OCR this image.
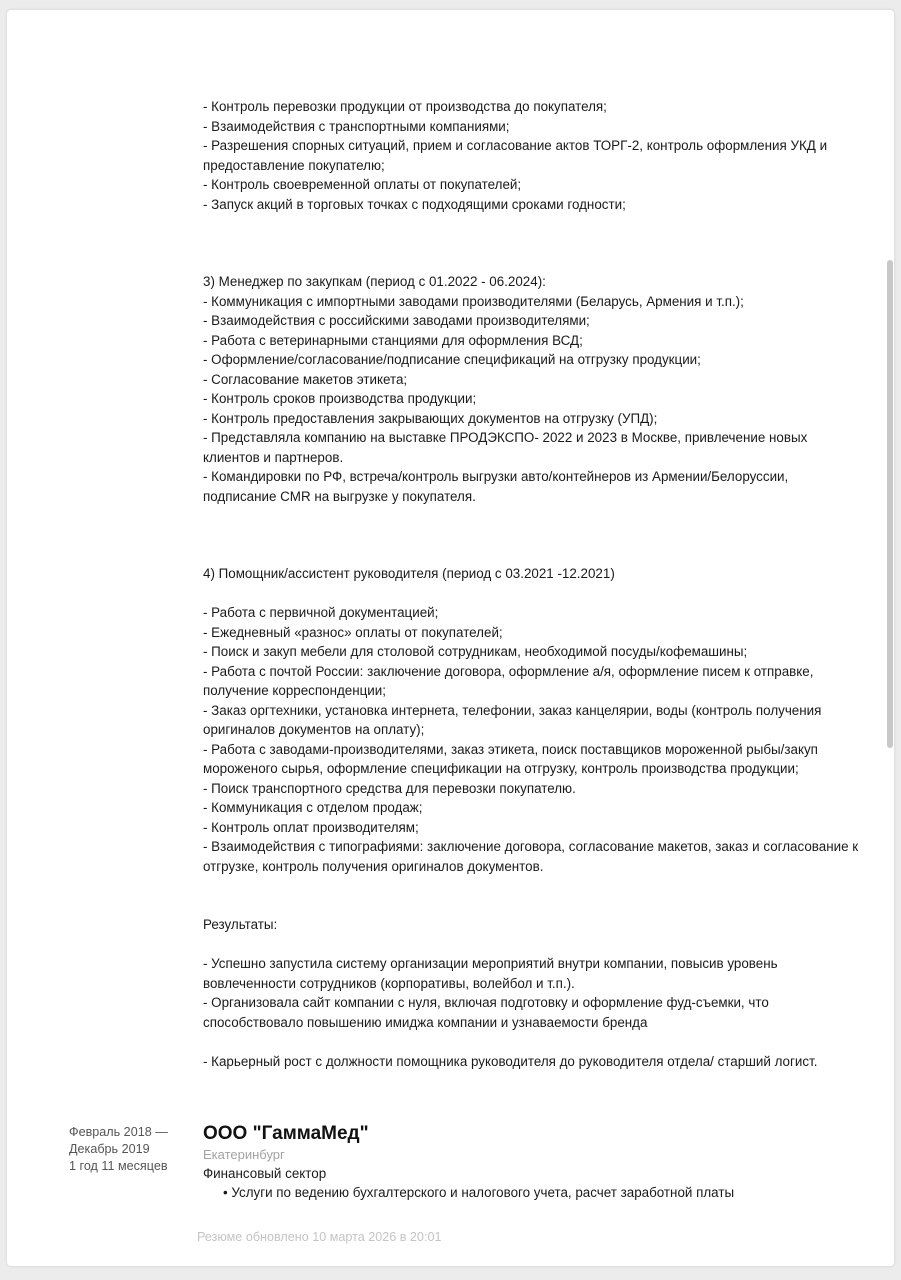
- Контроль перевозки продукции от производства до покупателя;

- Взаимодействия с транспортными компаниями;

- Разрешения спорных ситуаций, прием и согласование актов ТОРГ-2, контроль оформления УКД и предоставление покупателю;

- Контроль своевременной оплаты от покупателей;

- Запуск акций в торговых точках с подходящими сроками годности;

3) Менеджер по закупкам (период с 01.2022 - 06.2024):

- Коммуникация с импортными заводами производителями (Беларусь, Армения и т.п.);

- Взаимодействия с российскими заводами производителями;

- Работа с ветеринарными станциями для оформления ВСД;

- Оформление/согласование/подписание спецификаций на отгрузку продукции;

- Согласование макетов этикета;

- Контроль сроков производства продукции;

- Контроль предоставления закрывающих документов на отгрузку (УПД);

- Представляла компанию на выставке ПРОДЭКСПО- 2022 и 2023 в Москве, привлечение новых клиентов и партнеров.

- Командировки по РФ, встреча/контроль выгрузки авто/контейнеров из Армении/Белоруссии, подписание CMR на выгрузке у покупателя.

4) Помощник/ассистент руководителя (период с 03.2021 -12.2021)

- Работа с первичной документацией;

- Ежедневный «разнос» оплаты от покупателей;

- Поиск и закуп мебели для столовой сотрудникам, необходимой посуды/кофемашины;

- Работа с почтой России: заключение договора, оформление а/я, оформление писем к отправке, получение корреспонденции;

- Заказ оргтехники, установка интернета, телефонии, заказ канцелярии, воды (контроль получения оригиналов документов на оплату);

- Работа с заводами-производителями, заказ этикета, поиск поставщиков мороженной рыбы/закуп мороженого сырья, оформление спецификации на отгрузку, контроль производства продукции;

- Поиск транспортного средства для перевозки покупателю.

- Коммуникация с отделом продаж;

- Контроль оплат производителям;

- Взаимодействия с типографиями: заключение договора, согласование макетов, заказ и согласование к отгрузке, контроль получения оригиналов документов.

Результаты:

- Успешно запустила систему организации мероприятий внутри компании, повысив уровень вовлеченности сотрудников (корпоративы, волейбол и т.п.).

- Организовала сайт компании с нуля, включая подготовку и оформление фуд-съемки, что способствовало повышению имиджа компании и узнаваемости бренда

- Карьерный рост с должности помощника руководителя до руководителя отдела/ старший логист.

Февраль 2018 —
Декабрь 2019
1 год 11 месяцев
ООО "ГаммаМед"
Екатеринбург
Финансовый сектор
• Услуги по ведению бухгалтерского и налогового учета, расчет заработной платы
Резюме обновлено 10 марта 2026 в 20:01
